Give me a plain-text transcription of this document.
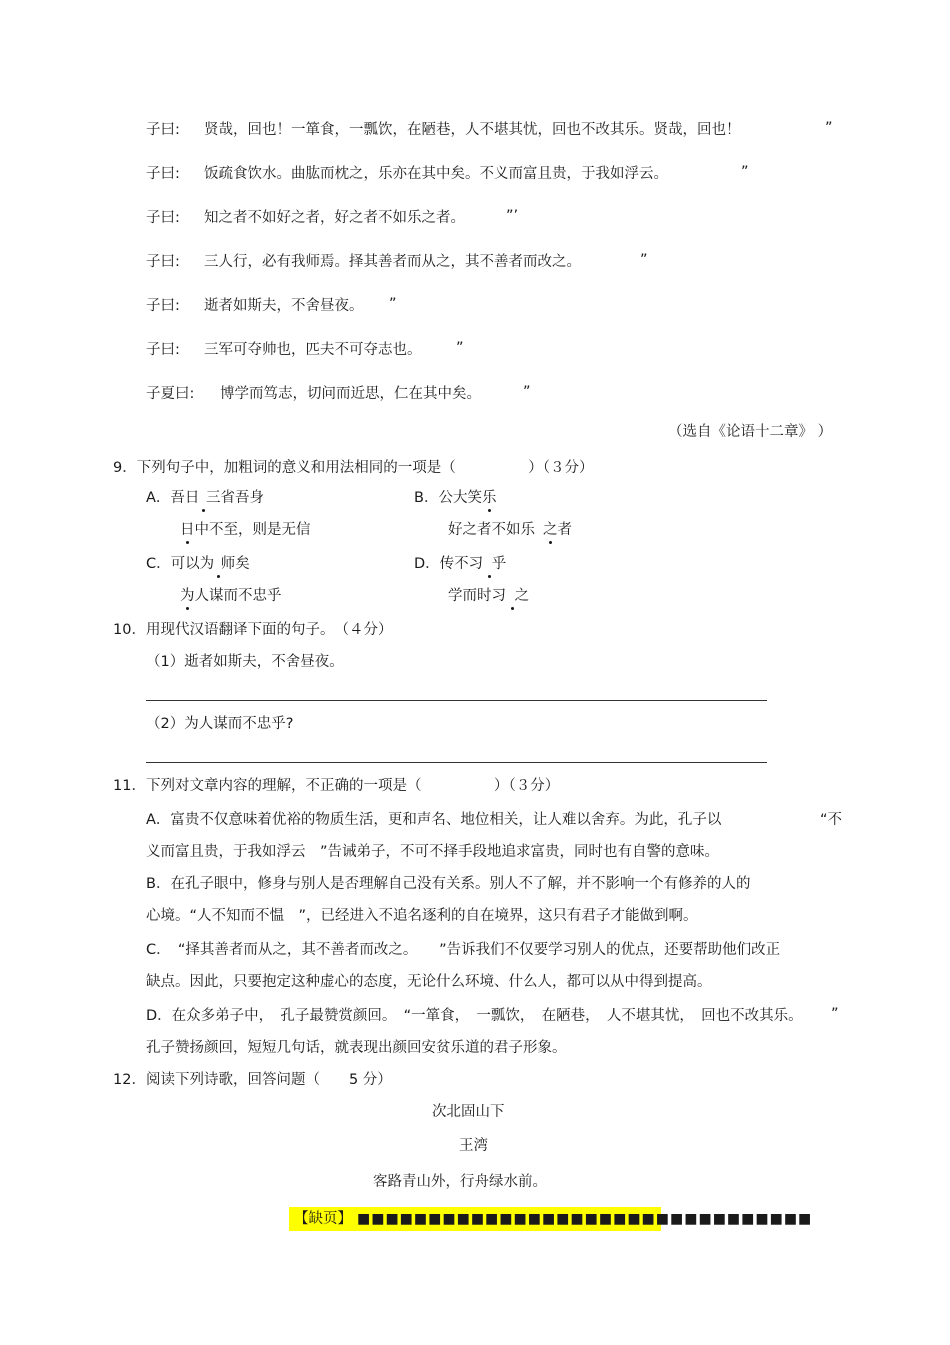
子曰: 贤哉，回也！一箪食，一瓢饮，在陋巷，人不堪其忧，回也不改其乐。贤哉，回也！	”
子曰: 饭疏食饮水。曲肱而枕之，乐亦在其中矣。不义而富且贵，于我如浮云。	”
子曰: 知之者不如好之者，好之者不如乐之者。	”’
子曰: 三人行，必有我师焉。择其善者而从之，其不善者而改之。	”
子曰: 逝者如斯夫，不舍昼夜。 ”
子曰: 三军可夺帅也，匹夫不可夺志也。 ”
子夏曰: 博学而笃志，切问而近思，仁在其中矣。	”
（选自《论语十二章》 ）
9．下列句子中，加粗词的意义和用法相同的一项是（　　　　　）（３分）
A．吾日 三省吾身
日中不至，则是无信
B．公大笑乐
好之者不如乐 之者
C．可以为 师矣
为人谋而不忠乎
D．传不习 乎
学而时习 之
10．用现代汉语翻译下面的句子。　（４分）
（1）逝者如斯夫，不舍昼夜。
（2）为人谋而不忠乎?
11．下列对文章内容的理解，不正确的一项是（　　　　　）（３分）
A．富贵不仅意味着优裕的物质生活，更和声名、地位相关，让人难以舍弃。为此，孔子以	“不
义而富且贵，于我如浮云　”告诫弟子，不可不择手段地追求富贵，同时也有自警的意味。
B．在孔子眼中，修身与别人是否理解自己没有关系。别人不了解，并不影响一个有修养的人的
心境。“人不知而不愠　”，已经进入不追名逐利的自在境界，这只有君子才能做到啊。
C．　“择其善者而从之，其不善者而改之。　　”告诉我们不仅要学习别人的优点，还要帮助他们改正
缺点。因此，只要抱定这种虚心的态度，无论什么环境、什么人，都可以从中得到提高。
D．在众多弟子中，　孔子最赞赏颜回。　“一箪食，　一瓢饮，　在陋巷，　人不堪其忧，　回也不改其乐。 ”
孔子赞扬颜回，短短几句话，就表现出颜回安贫乐道的君子形象。
12．阅读下列诗歌，回答问题（　　5 分）
次北固山下
王湾
客路青山外，行舟绿水前。
【缺页】 ■■■■■■■■■■■■■■■■■■■■■■■■■■■■■■■■
